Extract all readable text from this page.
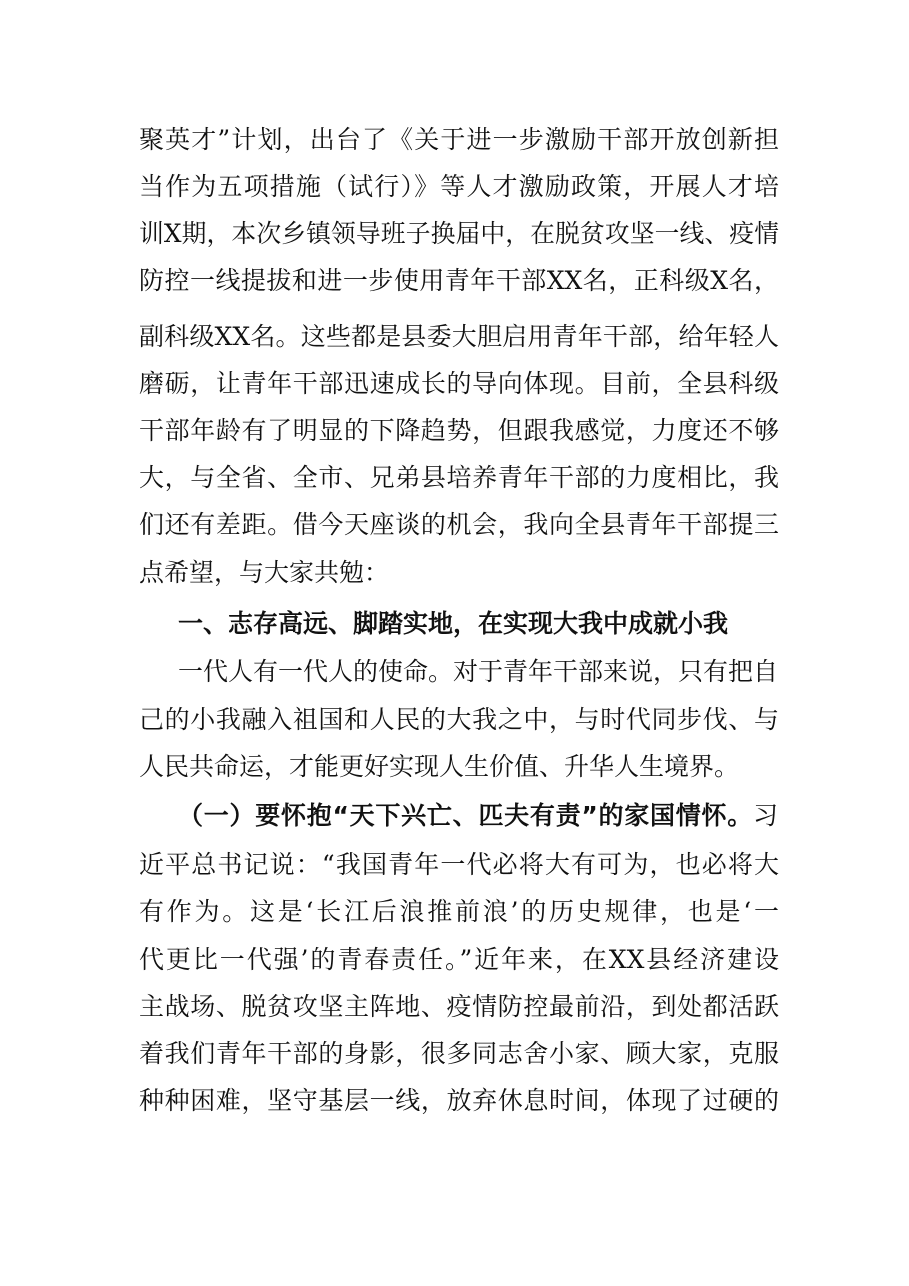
聚英才”计划，出台了《关于进一步激励干部开放创新担
当作为五项措施（试行）》等人才激励政策，开展人才培
训X期，本次乡镇领导班子换届中，在脱贫攻坚一线、疫情
防控一线提拔和进一步使用青年干部XX名，正科级X名，
副科级XX名。这些都是县委大胆启用青年干部，给年轻人
磨砺，让青年干部迅速成长的导向体现。目前，全县科级
干部年龄有了明显的下降趋势，但跟我感觉，力度还不够
大，与全省、全市、兄弟县培养青年干部的力度相比，我
们还有差距。借今天座谈的机会，我向全县青年干部提三
点希望，与大家共勉：
一、志存高远、脚踏实地，在实现大我中成就小我
一代人有一代人的使命。对于青年干部来说，只有把自
己的小我融入祖国和人民的大我之中，与时代同步伐、与
人民共命运，才能更好实现人生价值、升华人生境界。
（一）要怀抱“天下兴亡、匹夫有责”的家国情怀。习
近平总书记说：“我国青年一代必将大有可为，也必将大
有作为。这是‘长江后浪推前浪’的历史规律，也是‘一
代更比一代强’的青春责任。”近年来，在XX县经济建设
主战场、脱贫攻坚主阵地、疫情防控最前沿，到处都活跃
着我们青年干部的身影，很多同志舍小家、顾大家，克服
种种困难，坚守基层一线，放弃休息时间，体现了过硬的
